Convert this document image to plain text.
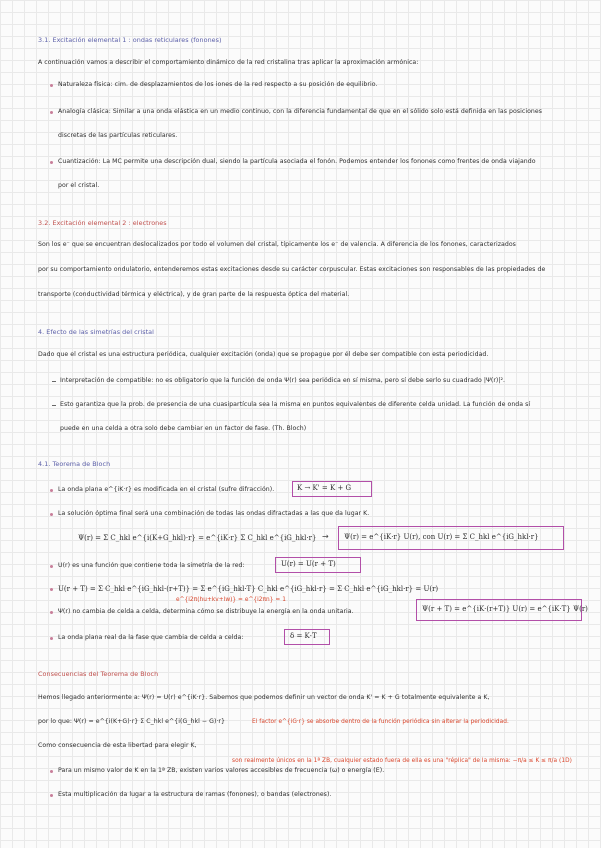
3.1. Excitación elemental 1 : ondas reticulares (fonones)
A continuación vamos a describir el comportamiento dinámico de la red cristalina tras aplicar la aproximación armónica:
Naturaleza física: cim. de desplazamientos de los iones de la red respecto a su posición de equilibrio.
Analogía clásica: Similar a una onda elástica en un medio continuo, con la diferencia fundamental de que en el sólido solo está definida en las posiciones
discretas de las partículas reticulares.
Cuantización: La MC permite una descripción dual, siendo la partícula asociada el fonón. Podemos entender los fonones como frentes de onda viajando
por el cristal.
3.2. Excitación elemental 2 : electrones
Son los e⁻ que se encuentran deslocalizados por todo el volumen del cristal, típicamente los e⁻ de valencia. A diferencia de los fonones, caracterizados
por su comportamiento ondulatorio, entenderemos estas excitaciones desde su carácter corpuscular. Estas excitaciones son responsables de las propiedades de
transporte (conductividad térmica y eléctrica), y de gran parte de la respuesta óptica del material.
4. Efecto de las simetrías del cristal
Dado que el cristal es una estructura periódica, cualquier excitación (onda) que se propague por él debe ser compatible con esta periodicidad.
Interpretación de compatible: no es obligatorio que la función de onda Ψ(r) sea periódica en sí misma, pero sí debe serlo su cuadrado |Ψ(r)|².
Esto garantiza que la prob. de presencia de una cuasipartícula sea la misma en puntos equivalentes de diferente celda unidad. La función de onda sí
puede en una celda a otra solo debe cambiar en un factor de fase. (Th. Bloch)
4.1. Teorema de Bloch
La onda plana e^{iK·r} es modificada en el cristal (sufre difracción).	K → K' = K + G
La solución óptima final será una combinación de todas las ondas difractadas a las que da lugar K.
Ψ(r) = Σ C_hkl e^{i(K+G_hkl)·r} = e^{iK·r} Σ C_hkl e^{iG_hkl·r} → Ψ(r) = e^{iK·r} U(r), con U(r) = Σ C_hkl e^{iG_hkl·r}
U(r) es una función que contiene toda la simetría de la red:	U(r) = U(r + T)
U(r + T) = Σ C_hkl e^{iG_hkl·(r+T)} = Σ e^{iG_hkl·T} C_hkl e^{iG_hkl·r} = Σ C_hkl e^{iG_hkl·r} = U(r)
e^{i2π(hu+kv+lw)} = e^{i2πn} = 1
Ψ(r) no cambia de celda a celda, determina cómo se distribuye la energía en la onda unitaria.	Ψ(r + T) = e^{iK·(r+T)} U(r) = e^{iK·T} Ψ(r)
La onda plana real da la fase que cambia de celda a celda:	δ = K·T
Consecuencias del Teorema de Bloch
Hemos llegado anteriormente a: Ψ(r) = U(r) e^{iK·r}. Sabemos que podemos definir un vector de onda K' = K + G totalmente equivalente a K,
por lo que: Ψ(r) = e^{i(K+G)·r} Σ C_hkl e^{i(G_hkl − G)·r}	El factor e^{iG·r} se absorbe dentro de la función periódica sin alterar la periodicidad.
Como consecuencia de esta libertad para elegir K,
son realmente únicos en la 1ª ZB, cualquier estado fuera de ella es una "réplica" de la misma: −π/a ≤ K ≤ π/a (1D)
Para un mismo valor de K en la 1ª ZB, existen varios valores accesibles de frecuencia (ω) o energía (E).
Esta multiplicación da lugar a la estructura de ramas (fonones), o bandas (electrones).
